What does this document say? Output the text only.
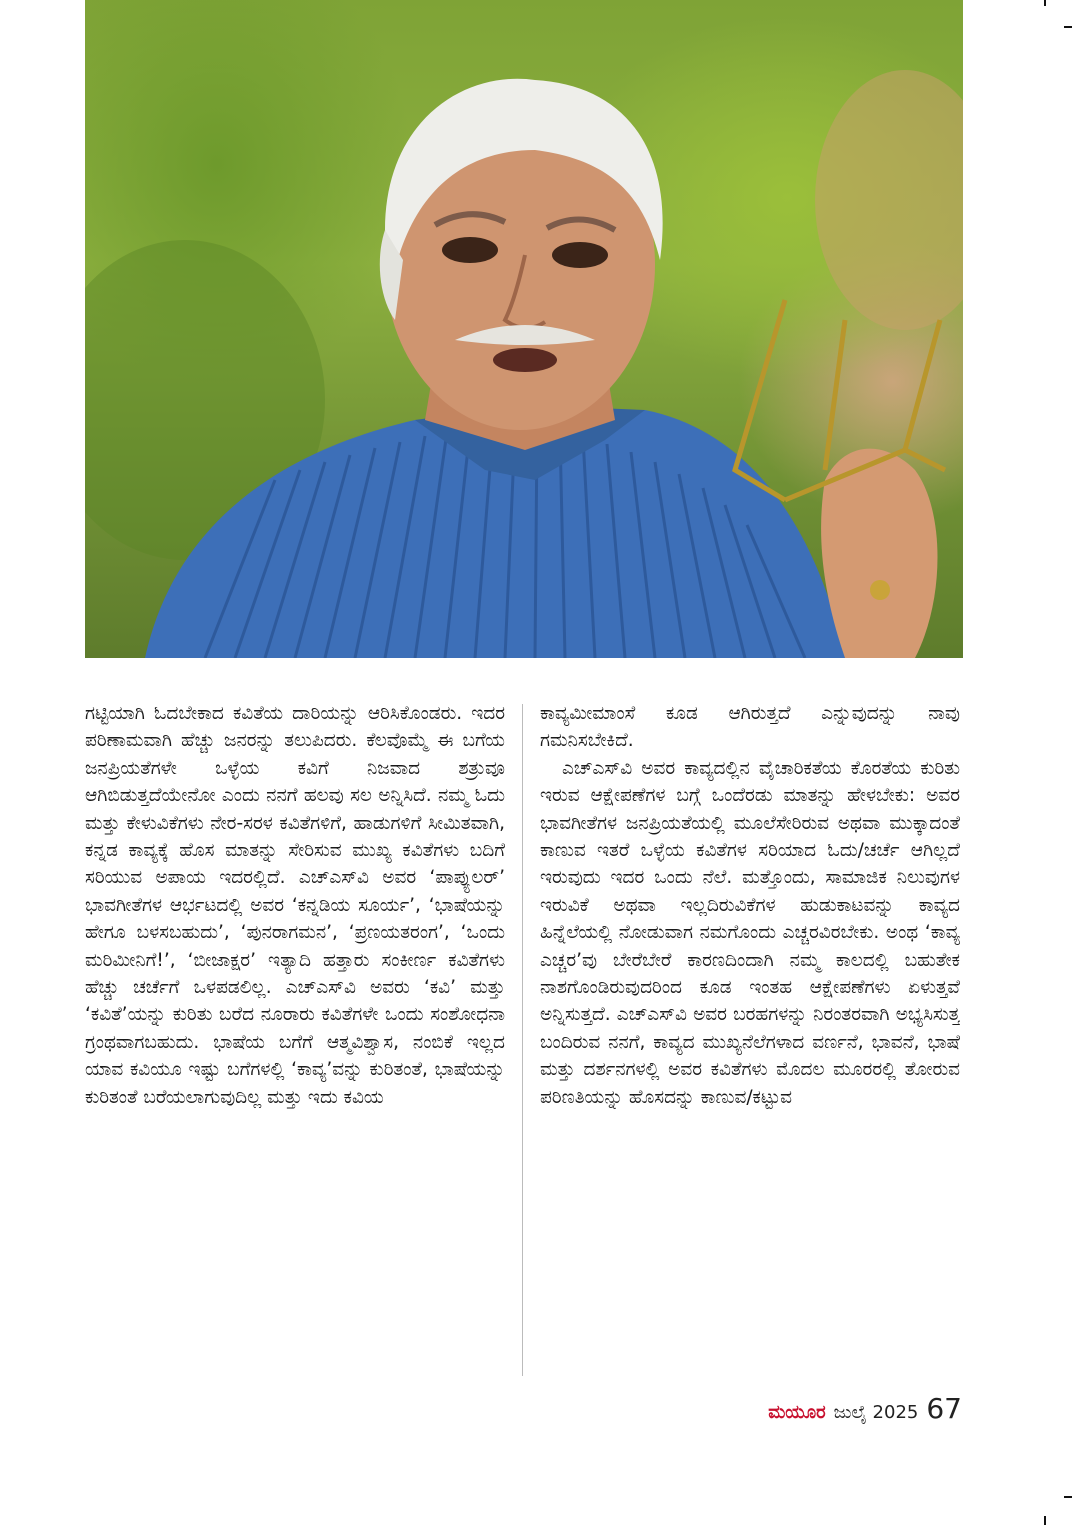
ಗಟ್ಟಿಯಾಗಿ ಓದಬೇಕಾದ ಕವಿತೆಯ ದಾರಿಯನ್ನು ಆರಿಸಿಕೊಂಡರು. ಇದರ ಪರಿಣಾಮವಾಗಿ ಹೆಚ್ಚು ಜನರನ್ನು ತಲುಪಿದರು. ಕೆಲವೊಮ್ಮೆ ಈ ಬಗೆಯ ಜನಪ್ರಿಯತೆಗಳೇ ಒಳ್ಳೆಯ ಕವಿಗೆ ನಿಜವಾದ ಶತ್ರುವೂ ಆಗಿಬಿಡುತ್ತದೆಯೇನೋ ಎಂದು ನನಗೆ ಹಲವು ಸಲ ಅನ್ನಿಸಿದೆ. ನಮ್ಮ ಓದು ಮತ್ತು ಕೇಳುವಿಕೆಗಳು ನೇರ-ಸರಳ ಕವಿತೆಗಳಿಗೆ, ಹಾಡುಗಳಿಗೆ ಸೀಮಿತವಾಗಿ, ಕನ್ನಡ ಕಾವ್ಯಕ್ಕೆ ಹೊಸ ಮಾತನ್ನು ಸೇರಿಸುವ ಮುಖ್ಯ ಕವಿತೆಗಳು ಬದಿಗೆ ಸರಿಯುವ ಅಪಾಯ ಇದರಲ್ಲಿದೆ. ಎಚ್‌ಎಸ್‌ವಿ ಅವರ ‘ಪಾಪ್ಯುಲರ್’ ಭಾವಗೀತೆಗಳ ಆರ್ಭಟದಲ್ಲಿ ಅವರ ‘ಕನ್ನಡಿಯ ಸೂರ್ಯ’, ‘ಭಾಷೆಯನ್ನು ಹೇಗೂ ಬಳಸಬಹುದು’, ‘ಪುನರಾಗಮನ’, ‘ಪ್ರಣಯತರಂಗ’, ‘ಒಂದು ಮರಿಮೀನಿಗೆ!’, ‘ಬೀಜಾಕ್ಷರ’ ಇತ್ಯಾದಿ ಹತ್ತಾರು ಸಂಕೀರ್ಣ ಕವಿತೆಗಳು ಹೆಚ್ಚು ಚರ್ಚೆಗೆ ಒಳಪಡಲಿಲ್ಲ. ಎಚ್‌ಎಸ್‌ವಿ ಅವರು ‘ಕವಿ’ ಮತ್ತು ‘ಕವಿತೆ’ಯನ್ನು ಕುರಿತು ಬರೆದ ನೂರಾರು ಕವಿತೆಗಳೇ ಒಂದು ಸಂಶೋಧನಾ ಗ್ರಂಥವಾಗಬಹುದು. ಭಾಷೆಯ ಬಗೆಗೆ ಆತ್ಮವಿಶ್ವಾಸ, ನಂಬಿಕೆ ಇಲ್ಲದ ಯಾವ ಕವಿಯೂ ಇಷ್ಟು ಬಗೆಗಳಲ್ಲಿ ‘ಕಾವ್ಯ’ವನ್ನು ಕುರಿತಂತೆ, ಭಾಷೆಯನ್ನು ಕುರಿತಂತೆ ಬರೆಯಲಾಗುವುದಿಲ್ಲ ಮತ್ತು ಇದು ಕವಿಯ

ಕಾವ್ಯಮೀಮಾಂಸೆ ಕೂಡ ಆಗಿರುತ್ತದೆ ಎನ್ನುವುದನ್ನು ನಾವು ಗಮನಿಸಬೇಕಿದೆ.

ಎಚ್‌ಎಸ್‌ವಿ ಅವರ ಕಾವ್ಯದಲ್ಲಿನ ವೈಚಾರಿಕತೆಯ ಕೊರತೆಯ ಕುರಿತು ಇರುವ ಆಕ್ಷೇಪಣೆಗಳ ಬಗ್ಗೆ ಒಂದೆರಡು ಮಾತನ್ನು ಹೇಳಬೇಕು: ಅವರ ಭಾವಗೀತೆಗಳ ಜನಪ್ರಿಯತೆಯಲ್ಲಿ ಮೂಲೆಸೇರಿರುವ ಅಥವಾ ಮುಕ್ಕಾದಂತೆ ಕಾಣುವ ಇತರೆ ಒಳ್ಳೆಯ ಕವಿತೆಗಳ ಸರಿಯಾದ ಓದು/ಚರ್ಚೆ ಆಗಿಲ್ಲದೆ ಇರುವುದು ಇದರ ಒಂದು ನೆಲೆ. ಮತ್ತೊಂದು, ಸಾಮಾಜಿಕ ನಿಲುವುಗಳ ಇರುವಿಕೆ ಅಥವಾ ಇಲ್ಲದಿರುವಿಕೆಗಳ ಹುಡುಕಾಟವನ್ನು ಕಾವ್ಯದ ಹಿನ್ನೆಲೆಯಲ್ಲಿ ನೋಡುವಾಗ ನಮಗೊಂದು ಎಚ್ಚರವಿರಬೇಕು. ಅಂಥ ‘ಕಾವ್ಯ ಎಚ್ಚರ’ವು ಬೇರೆಬೇರೆ ಕಾರಣದಿಂದಾಗಿ ನಮ್ಮ ಕಾಲದಲ್ಲಿ ಬಹುತೇಕ ನಾಶಗೊಂಡಿರುವುದರಿಂದ ಕೂಡ ಇಂತಹ ಆಕ್ಷೇಪಣೆಗಳು ಏಳುತ್ತವೆ ಅನ್ನಿಸುತ್ತದೆ. ಎಚ್‌ಎಸ್‌ವಿ ಅವರ ಬರಹಗಳನ್ನು ನಿರಂತರವಾಗಿ ಅಭ್ಯಸಿಸುತ್ತ ಬಂದಿರುವ ನನಗೆ, ಕಾವ್ಯದ ಮುಖ್ಯನೆಲೆಗಳಾದ ವರ್ಣನೆ, ಭಾವನೆ, ಭಾಷೆ ಮತ್ತು ದರ್ಶನಗಳಲ್ಲಿ ಅವರ ಕವಿತೆಗಳು ಮೊದಲ ಮೂರರಲ್ಲಿ ತೋರುವ ಪರಿಣತಿಯನ್ನು ಹೊಸದನ್ನು ಕಾಣುವ/ಕಟ್ಟುವ

ಮಯೂರ ಜುಲೈ 2025 67
